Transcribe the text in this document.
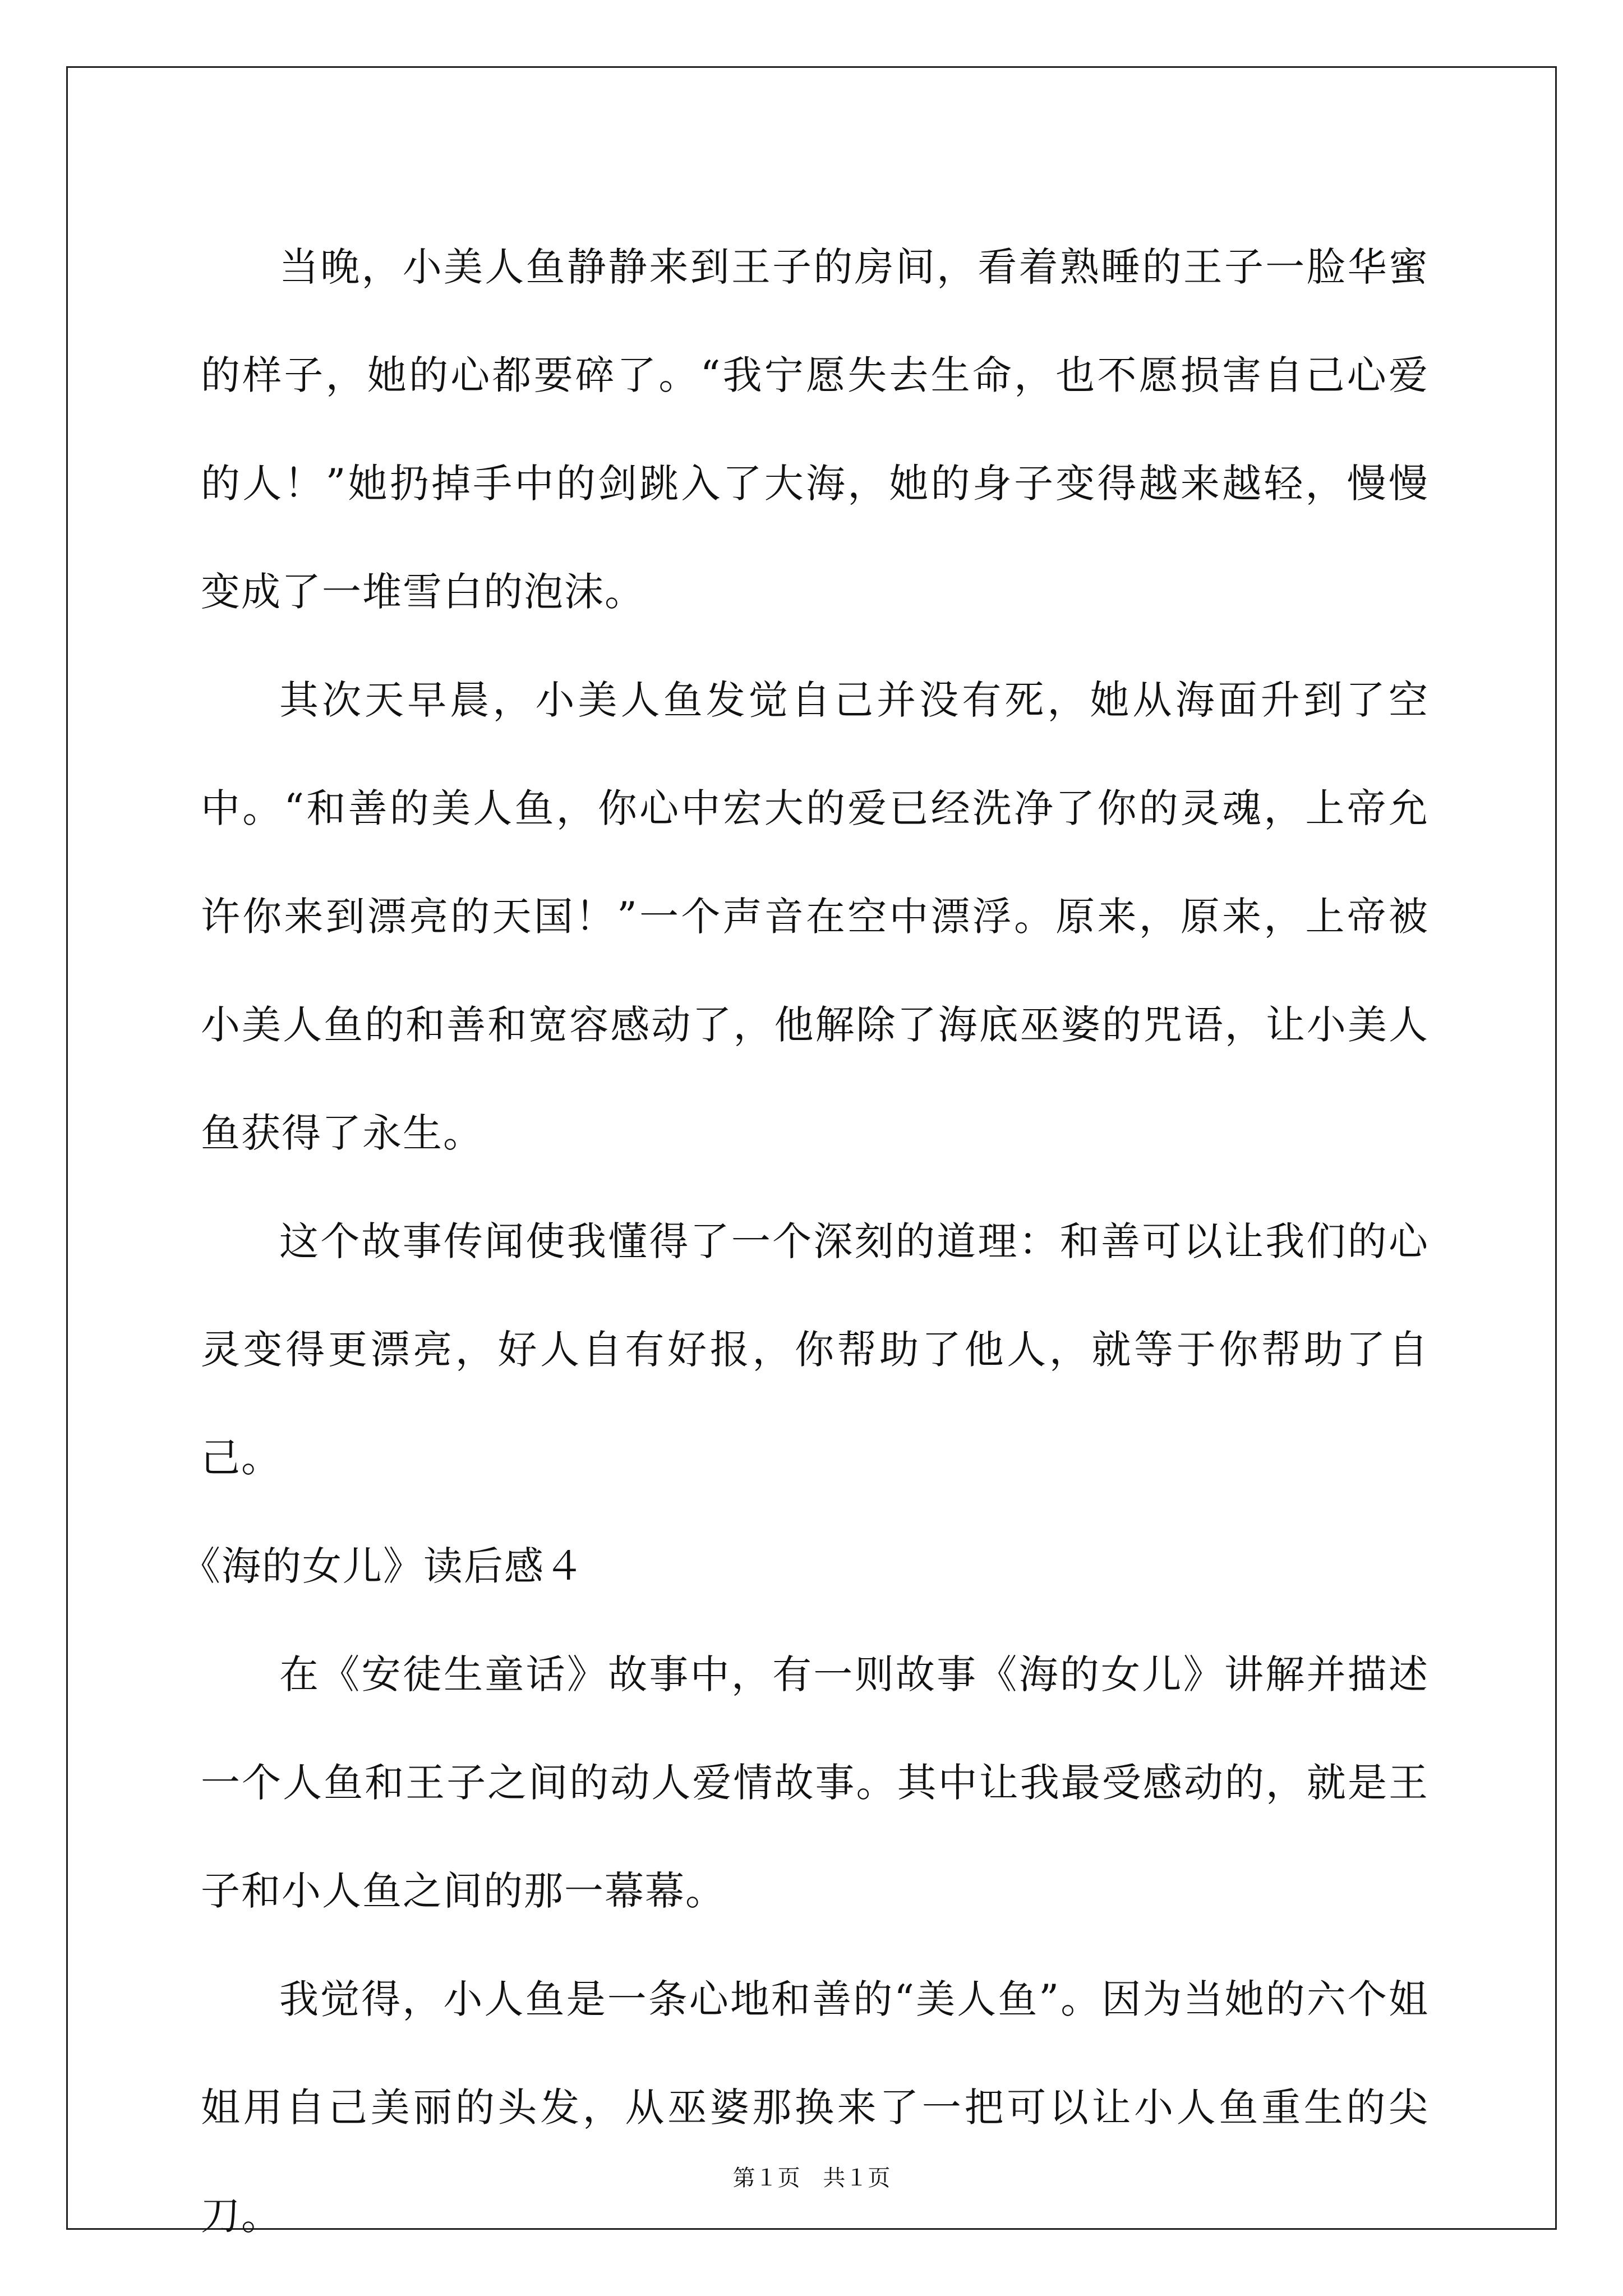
当晚，小美人鱼静静来到王子的房间，看着熟睡的王子一脸华蜜的样子，她的心都要碎了。“我宁愿失去生命，也不愿损害自己心爱的人！”她扔掉手中的剑跳入了大海，她的身子变得越来越轻，慢慢变成了一堆雪白的泡沫。

其次天早晨，小美人鱼发觉自己并没有死，她从海面升到了空中。“和善的美人鱼，你心中宏大的爱已经洗净了你的灵魂，上帝允许你来到漂亮的天国！”一个声音在空中漂浮。原来，原来，上帝被小美人鱼的和善和宽容感动了，他解除了海底巫婆的咒语，让小美人鱼获得了永生。

这个故事传闻使我懂得了一个深刻的道理：和善可以让我们的心灵变得更漂亮，好人自有好报，你帮助了他人，就等于你帮助了自己。

《海的女儿》读后感４

在《安徒生童话》故事中，有一则故事《海的女儿》讲解并描述一个人鱼和王子之间的动人爱情故事。其中让我最受感动的，就是王子和小人鱼之间的那一幕幕。

我觉得，小人鱼是一条心地和善的“美人鱼”。因为当她的六个姐姐用自己美丽的头发，从巫婆那换来了一把可以让小人鱼重生的尖刀。

第１页 共１页
